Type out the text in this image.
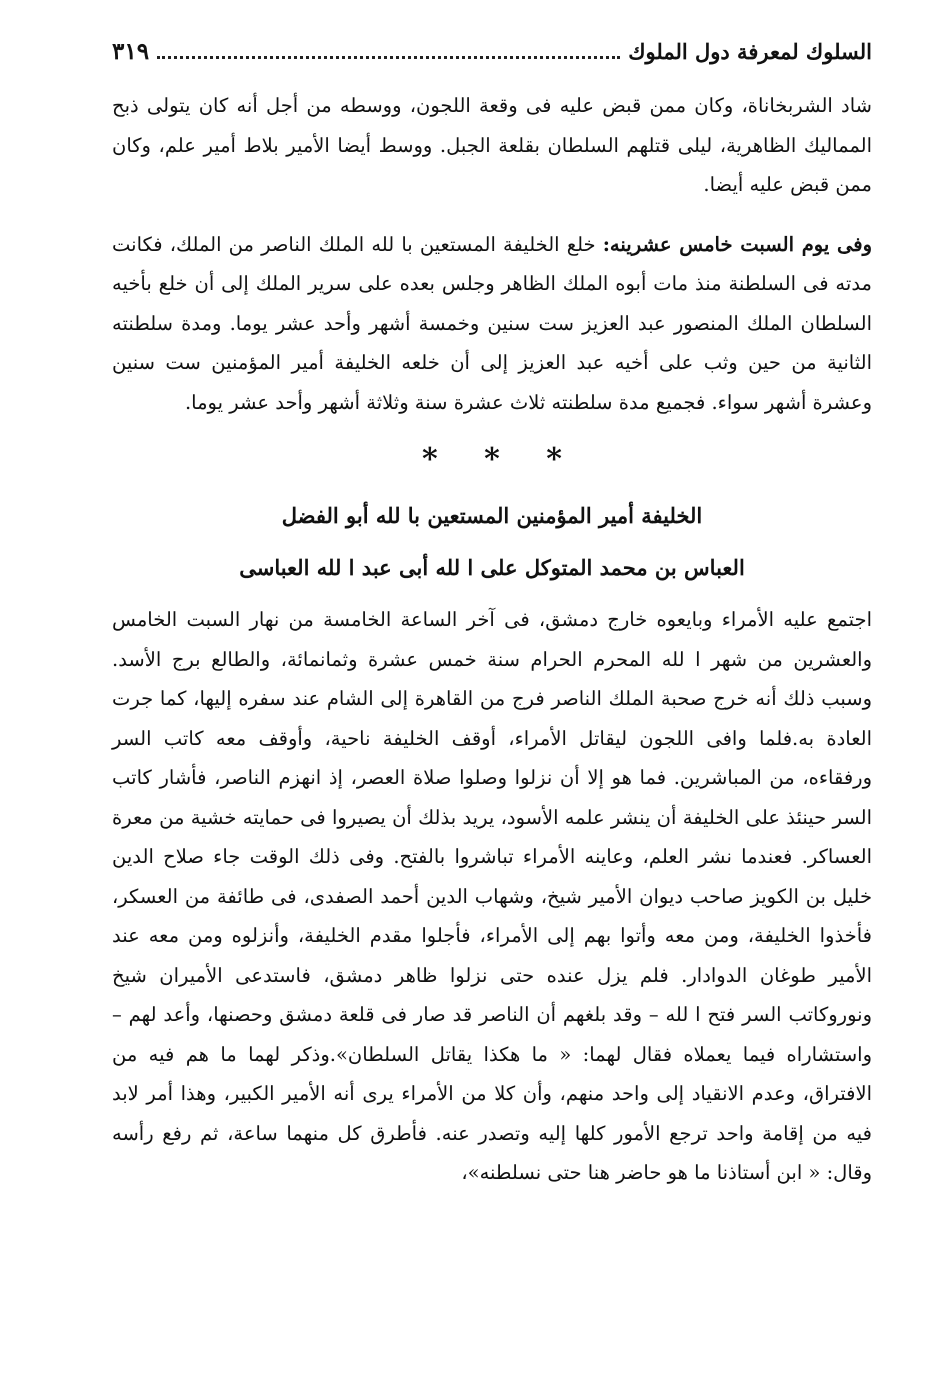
السلوك لمعرفة دول الملوك
٣١٩

شاد الشربخاناة، وكان ممن قبض عليه فى وقعة اللجون، ووسطه من أجل أنه كان يتولى ذبح المماليك الظاهرية، ليلى قتلهم السلطان بقلعة الجبل. ووسط أيضا الأمير بلاط أمير علم، وكان ممن قبض عليه أيضا.

وفى يوم السبت خامس عشرينه: خلع الخليفة المستعين با لله الملك الناصر من الملك، فكانت مدته فى السلطنة منذ مات أبوه الملك الظاهر وجلس بعده على سرير الملك إلى أن خلع بأخيه السلطان الملك المنصور عبد العزيز ست سنين وخمسة أشهر وأحد عشر يوما. ومدة سلطنته الثانية من حين وثب على أخيه عبد العزيز إلى أن خلعه الخليفة أمير المؤمنين ست سنين وعشرة أشهر سواء. فجميع مدة سلطنته ثلاث عشرة سنة وثلاثة أشهر وأحد عشر يوما.

* * *

الخليفة أمير المؤمنين المستعين با لله أبو الفضل

العباس بن محمد المتوكل على ا لله أبى عبد ا لله العباسى

اجتمع عليه الأمراء وبايعوه خارج دمشق، فى آخر الساعة الخامسة من نهار السبت الخامس والعشرين من شهر ا لله المحرم الحرام سنة خمس عشرة وثمانمائة، والطالع برج الأسد. وسبب ذلك أنه خرج صحبة الملك الناصر فرج من القاهرة إلى الشام عند سفره إليها، كما جرت العادة به.فلما وافى اللجون ليقاتل الأمراء، أوقف الخليفة ناحية، وأوقف معه كاتب السر ورفقاءه، من المباشرين. فما هو إلا أن نزلوا وصلوا صلاة العصر، إذ انهزم الناصر، فأشار كاتب السر حينئذ على الخليفة أن ينشر علمه الأسود، يريد بذلك أن يصيروا فى حمايته خشية من معرة العساكر. فعندما نشر العلم، وعاينه الأمراء تباشروا بالفتح. وفى ذلك الوقت جاء صلاح الدين خليل بن الكويز صاحب ديوان الأمير شيخ، وشهاب الدين أحمد الصفدى، فى طائفة من العسكر، فأخذوا الخليفة، ومن معه وأتوا بهم إلى الأمراء، فأجلوا مقدم الخليفة، وأنزلوه ومن معه عند الأمير طوغان الدوادار. فلم يزل عنده حتى نزلوا ظاهر دمشق، فاستدعى الأميران شيخ ونوروكاتب السر فتح ا لله – وقد بلغهم أن الناصر قد صار فى قلعة دمشق وحصنها، وأعد لهم – واستشاراه فيما يعملاه فقال لهما: « ما هكذا يقاتل السلطان».وذكر لهما ما هم فيه من الافتراق، وعدم الانقياد إلى واحد منهم، وأن كلا من الأمراء يرى أنه الأمير الكبير، وهذا أمر لابد فيه من إقامة واحد ترجع الأمور كلها إليه وتصدر عنه. فأطرق كل منهما ساعة، ثم رفع رأسه وقال: « ابن أستاذنا ما هو حاضر هنا حتى نسلطنه»،
